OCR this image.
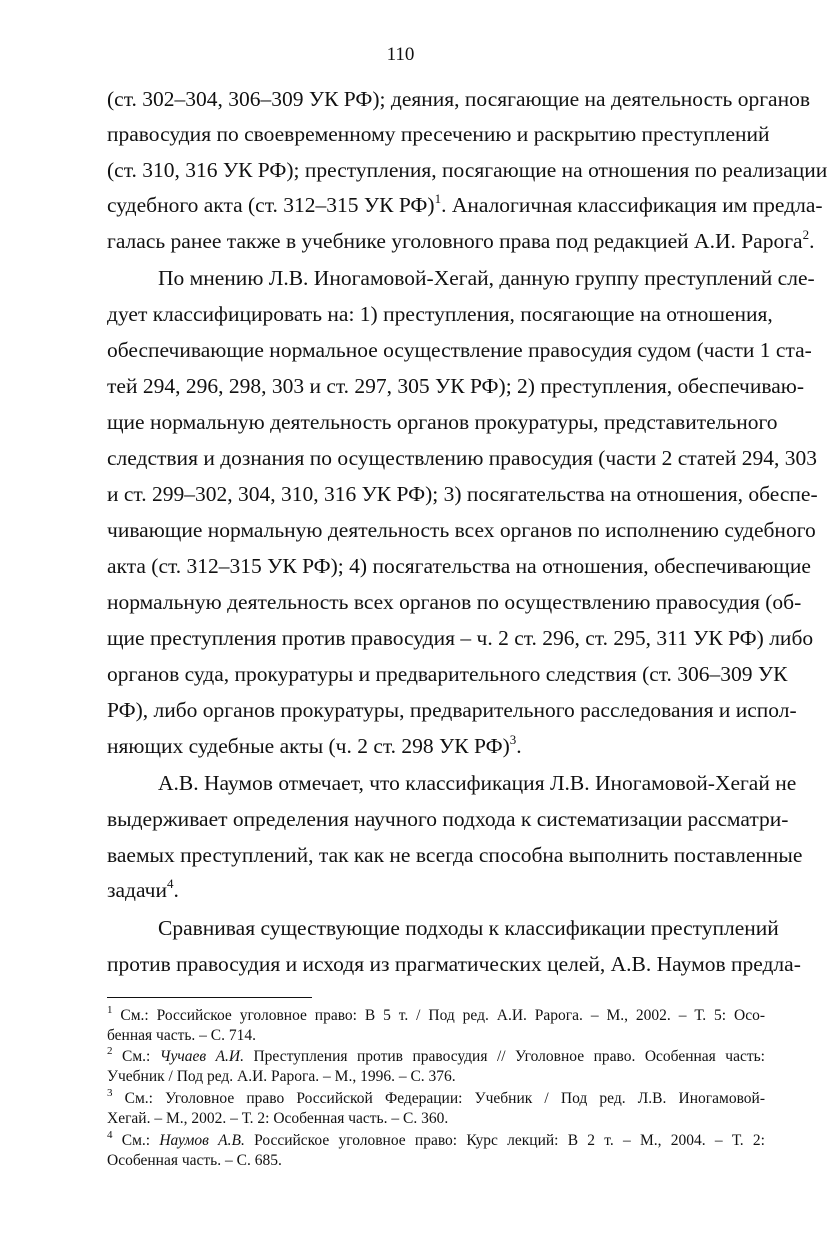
110
(ст. 302–304, 306–309 УК РФ); деяния, посягающие на деятельность органов
правосудия по своевременному пресечению и раскрытию преступлений
(ст. 310, 316 УК РФ); преступления, посягающие на отношения по реализации
судебного акта (ст. 312–315 УК РФ)$^1$. Аналогичная классификация им предла-
галась ранее также в учебнике уголовного права под редакцией А.И. Рарога$^2$.
По мнению Л.В. Иногамовой-Хегай, данную группу преступлений сле-
дует классифицировать на: 1) преступления, посягающие на отношения,
обеспечивающие нормальное осуществление правосудия судом (части 1 ста-
тей 294, 296, 298, 303 и ст. 297, 305 УК РФ); 2) преступления, обеспечиваю-
щие нормальную деятельность органов прокуратуры, представительного
следствия и дознания по осуществлению правосудия (части 2 статей 294, 303
и ст. 299–302, 304, 310, 316 УК РФ); 3) посягательства на отношения, обеспе-
чивающие нормальную деятельность всех органов по исполнению судебного
акта (ст. 312–315 УК РФ); 4) посягательства на отношения, обеспечивающие
нормальную деятельность всех органов по осуществлению правосудия (об-
щие преступления против правосудия – ч. 2 ст. 296, ст. 295, 311 УК РФ) либо
органов суда, прокуратуры и предварительного следствия (ст. 306–309 УК
РФ), либо органов прокуратуры, предварительного расследования и испол-
няющих судебные акты (ч. 2 ст. 298 УК РФ)$^3$.
А.В. Наумов отмечает, что классификация Л.В. Иногамовой-Хегай не
выдерживает определения научного подхода к систематизации рассматри-
ваемых преступлений, так как не всегда способна выполнить поставленные
задачи$^4$.
Сравнивая существующие подходы к классификации преступлений
против правосудия и исходя из прагматических целей, А.В. Наумов предла-
$^1$ См.: Российское уголовное право: В 5 т. / Под ред. А.И. Рарога. – М., 2002. – Т. 5: Осо-
бенная часть. – С. 714.
$^2$ См.: Чучаев А.И. Преступления против правосудия // Уголовное право. Особенная часть:
Учебник / Под ред. А.И. Рарога. – М., 1996. – С. 376.
$^3$ См.: Уголовное право Российской Федерации: Учебник / Под ред. Л.В. Иногамовой-
Хегай. – М., 2002. – Т. 2: Особенная часть. – С. 360.
$^4$ См.: Наумов А.В. Российское уголовное право: Курс лекций: В 2 т. – М., 2004. – Т. 2:
Особенная часть. – С. 685.
